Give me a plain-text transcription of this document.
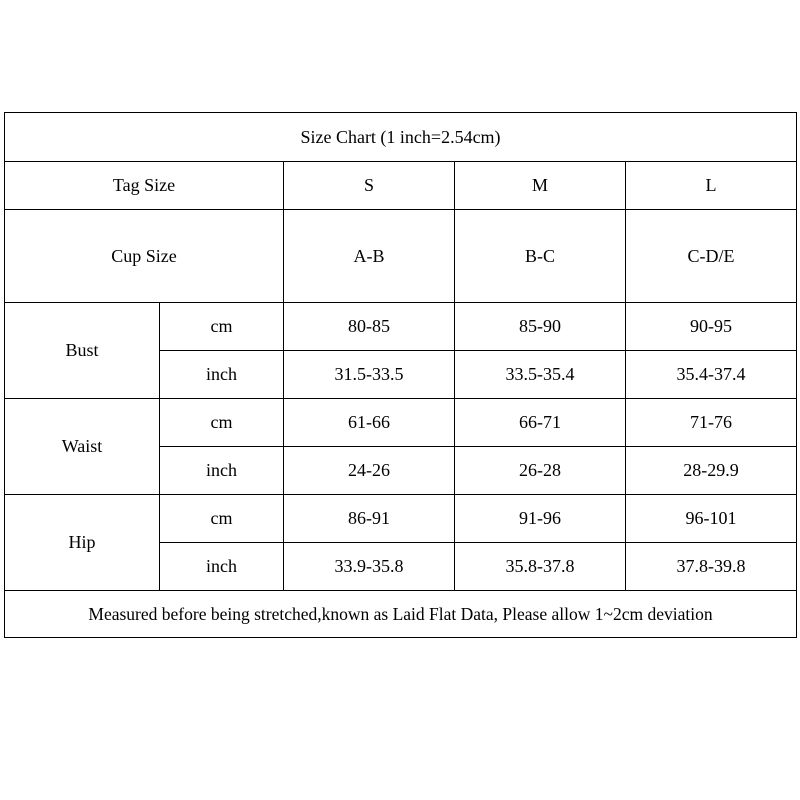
Size Chart (1 inch=2.54cm)				
Tag Size		S	M	L
Cup Size		A-B	B-C	C-D/E
Bust	cm	80-85	85-90	90-95
	inch	31.5-33.5	33.5-35.4	35.4-37.4
Waist	cm	61-66	66-71	71-76
	inch	24-26	26-28	28-29.9
Hip	cm	86-91	91-96	96-101
	inch	33.9-35.8	35.8-37.8	37.8-39.8
Measured before being stretched,known as Laid Flat Data, Please allow 1~2cm deviation				
